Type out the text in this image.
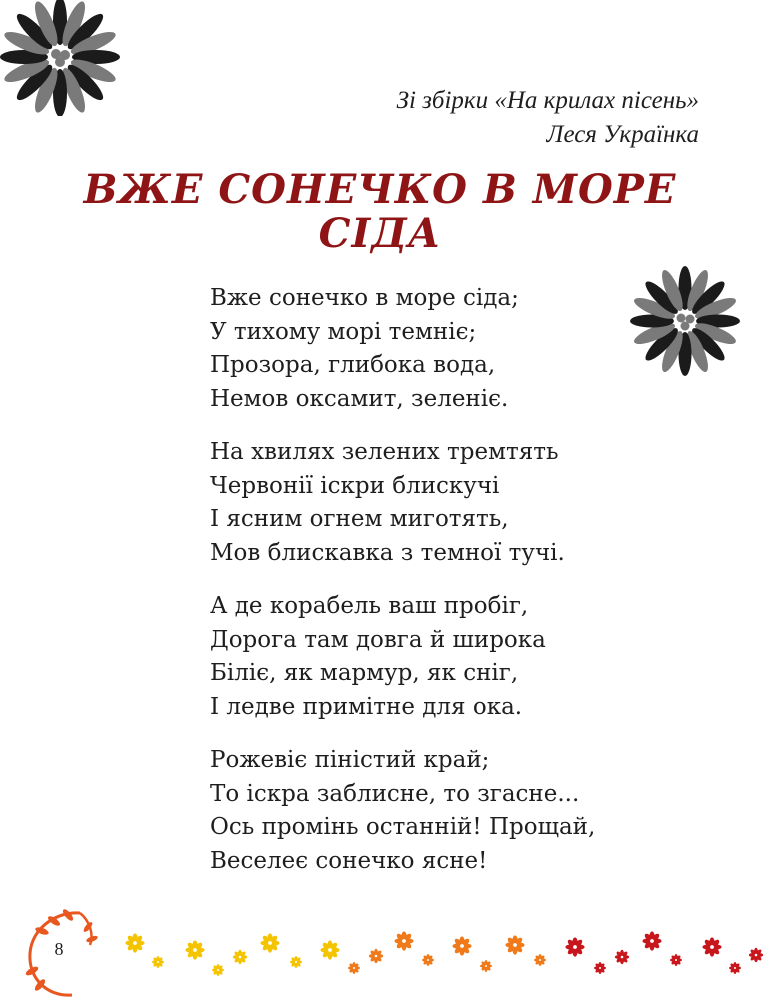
Зі збірки «На крилах пісень»
Леся Українка
ВЖЕ СОНЕЧКО В МОРЕ
СІДА
Вже сонечко в море сіда;
У тихому морі темніє;
Прозора, глибока вода,
Немов оксамит, зеленіє.
На хвилях зелених тремтять
Червонії іскри блискучі
І ясним огнем миготять,
Мов блискавка з темної тучі.
А де корабель ваш пробіг,
Дорога там довга й широка
Біліє, як мармур, як сніг,
І ледве примітне для ока.
Рожевіє піністий край;
То іскра заблисне, то згасне...
Ось промінь останній! Прощай,
Веселеє сонечко ясне!
8
